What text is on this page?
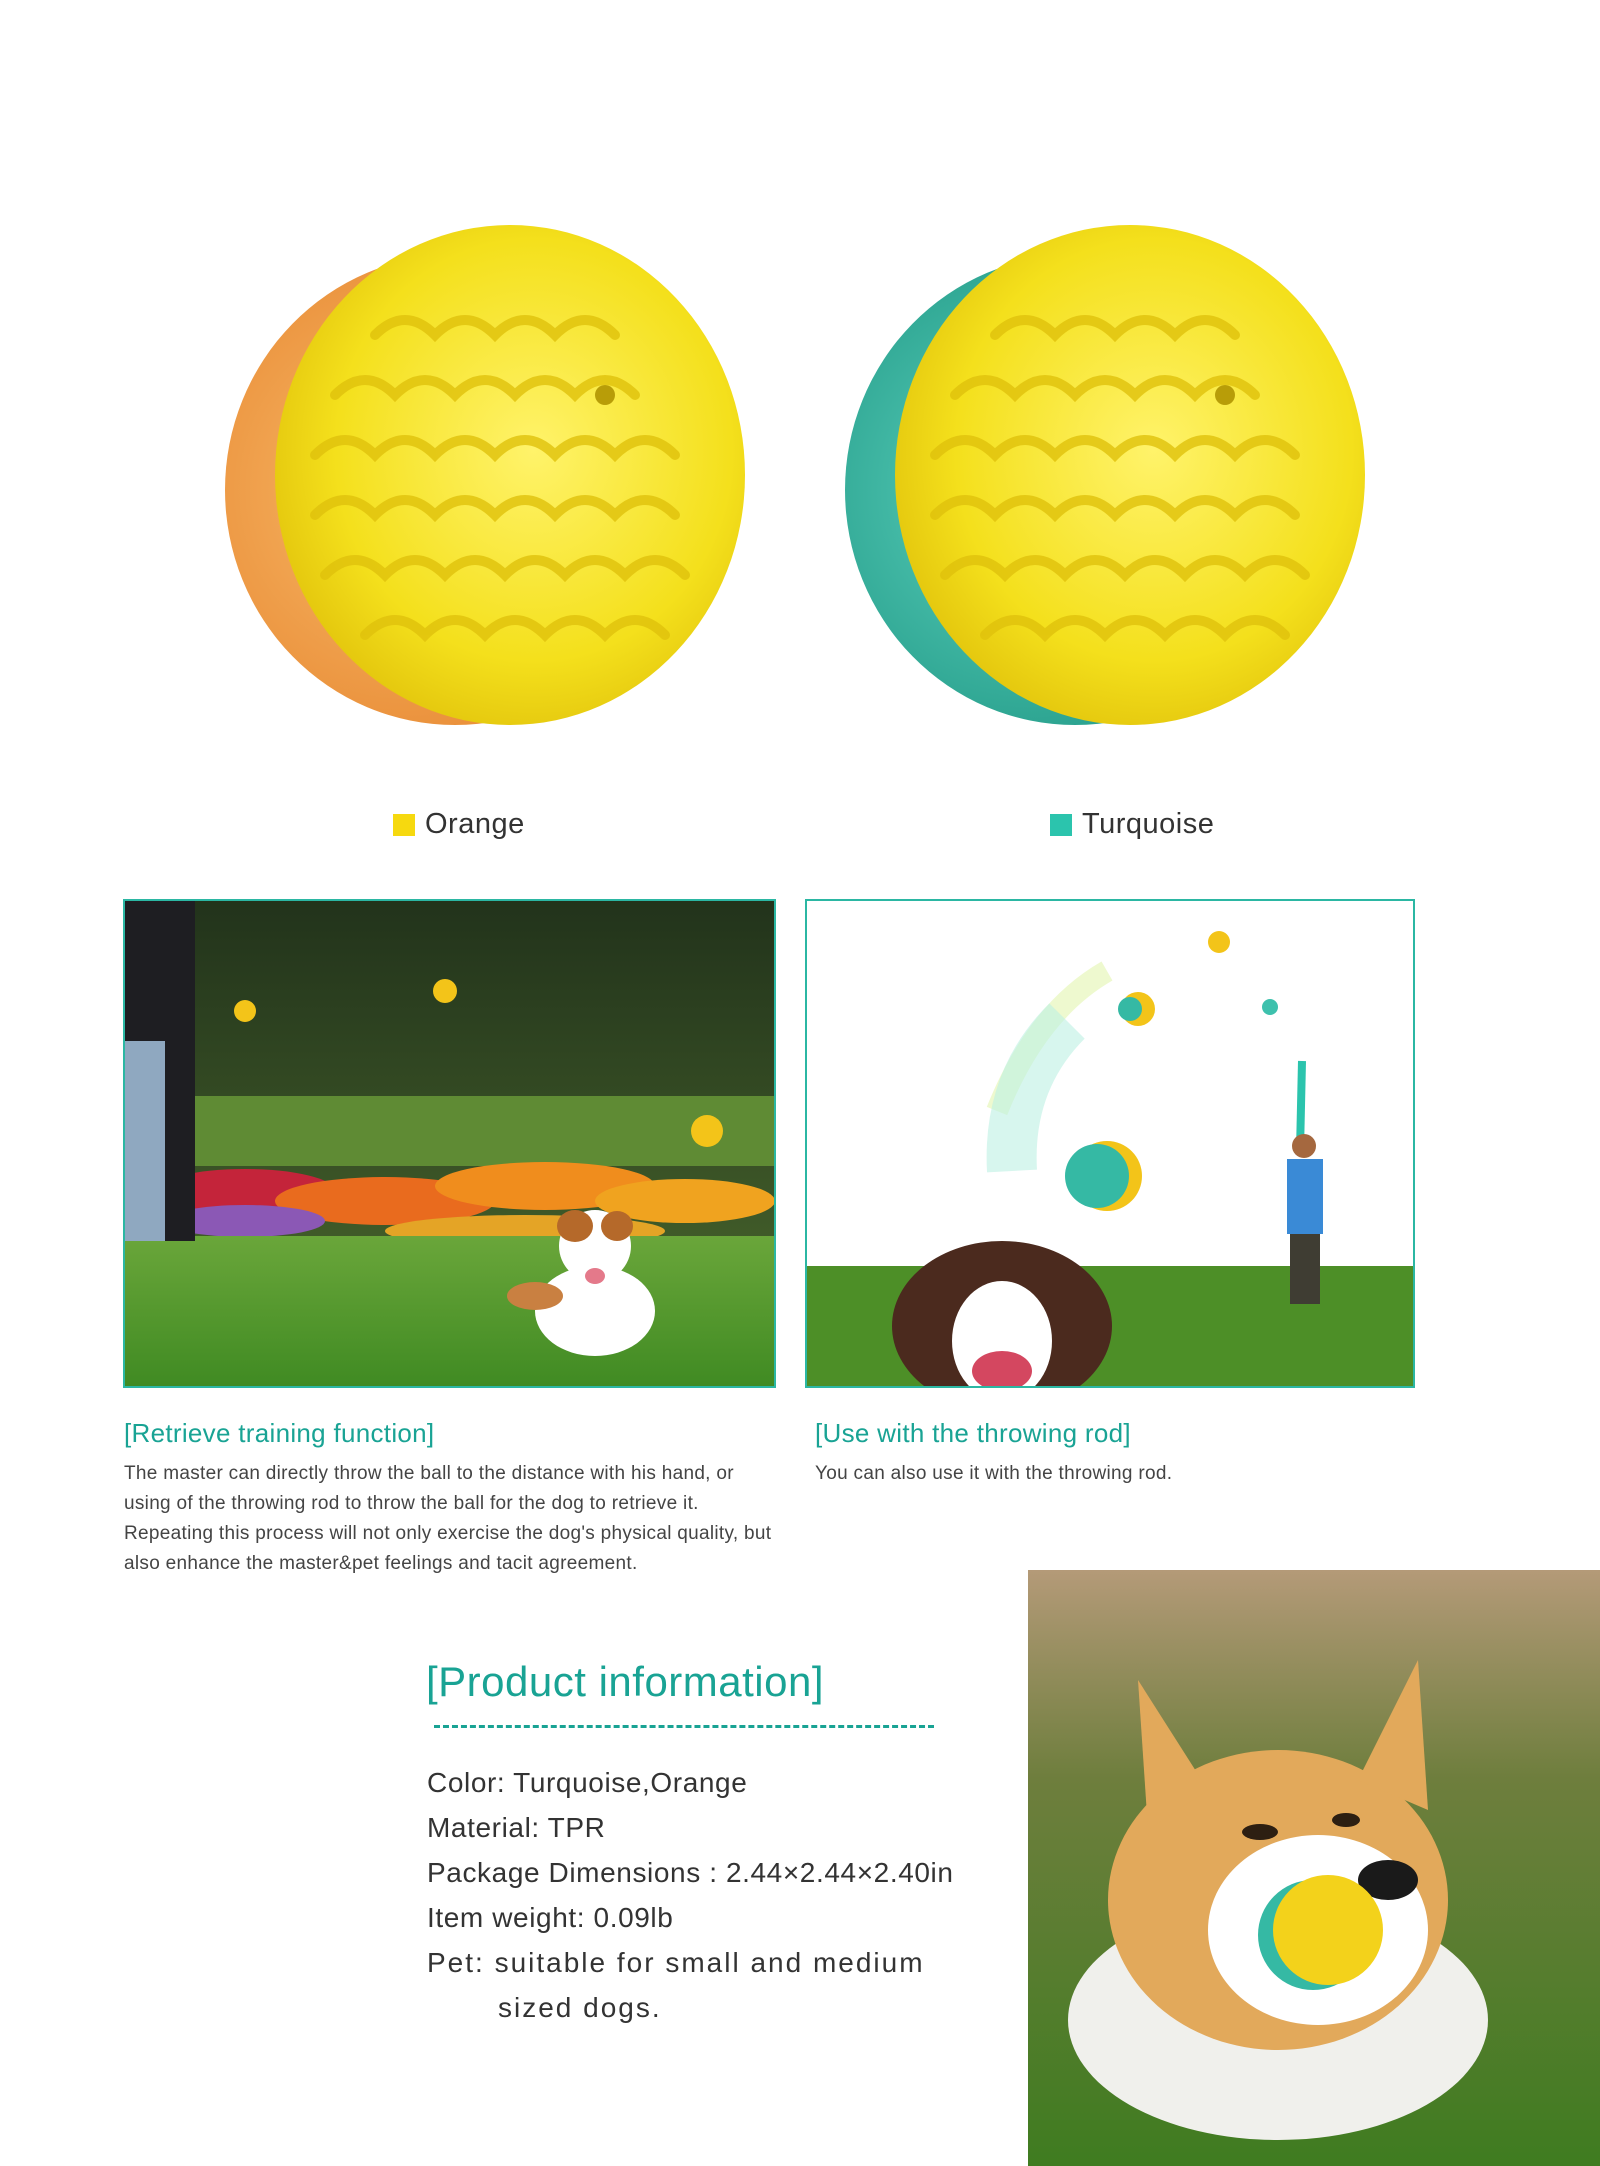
Orange	Turquoise
[Retrieve training function]
The master can directly throw the ball to the distance with his hand, or using of the throwing rod to throw the ball for the dog to retrieve it. Repeating this process will not only exercise the dog's physical quality, but also enhance the master&pet feelings and tacit agreement.
[Use with the throwing rod]
You can also use it with the throwing rod.
[Product information]
Color: Turquoise,Orange
Material: TPR
Package Dimensions : 2.44×2.44×2.40in
Item weight: 0.09lb
Pet: suitable for small and medium
sized dogs.
